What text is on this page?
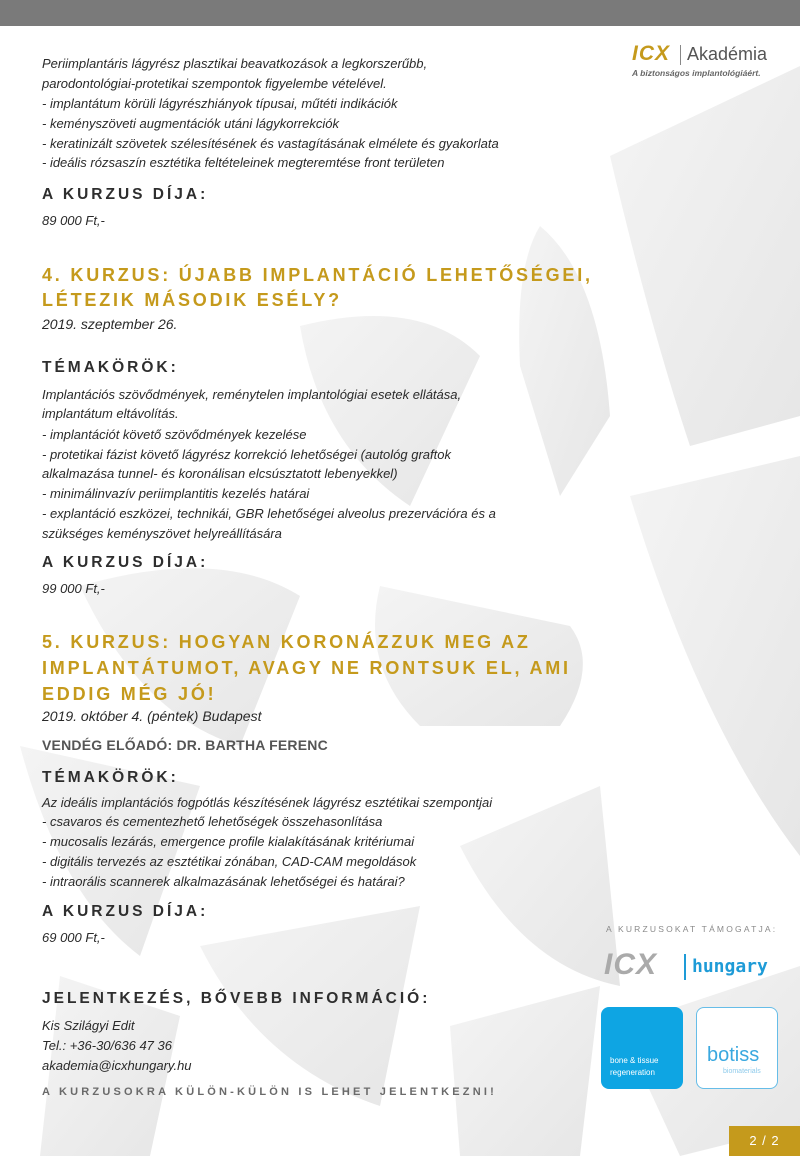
ICX Akadémia
A biztonságos implantológiáért.
Periimplantáris lágyrész plasztikai beavatkozások a legkorszerűbb,
parodontológiai-protetikai szempontok figyelembe vételével.
- implantátum körüli lágyrészhiányok típusai, műtéti indikációk
- keményszöveti augmentációk utáni lágykorrekciók
- keratinizált szövetek szélesítésének és vastagításának elmélete és gyakorlata
- ideális rózsaszín esztétika feltételeinek megteremtése front területen
A KURZUS DÍJA:
89 000 Ft,-
4. KURZUS: ÚJABB IMPLANTÁCIÓ LEHETŐSÉGEI,
LÉTEZIK MÁSODIK ESÉLY?
2019. szeptember 26.
TÉMAKÖRÖK:
Implantációs szövődmények, reménytelen implantológiai esetek ellátása,
implantátum eltávolítás.
- implantációt követő szövődmények kezelése
- protetikai fázist követő lágyrész korrekció lehetőségei (autológ graftok
alkalmazása tunnel- és koronálisan elcsúsztatott lebenyekkel)
- minimálinvazív periimplantitis kezelés határai
- explantáció eszközei, technikái, GBR lehetőségei alveolus prezervációra és a
szükséges keményszövet helyreállítására
A KURZUS DÍJA:
99 000 Ft,-
5. KURZUS: HOGYAN KORONÁZZUK MEG AZ
IMPLANTÁTUMOT, AVAGY NE RONTSUK EL, AMI
EDDIG MÉG JÓ!
2019. október 4. (péntek) Budapest
VENDÉG ELŐADÓ: DR. BARTHA FERENC
TÉMAKÖRÖK:
Az ideális implantációs fogpótlás készítésének lágyrész esztétikai szempontjai
- csavaros és cementezhető lehetőségek összehasonlítása
- mucosalis lezárás, emergence profile kialakításának kritériumai
- digitális tervezés az esztétikai zónában, CAD-CAM megoldások
- intraorális scannerek alkalmazásának lehetőségei és határai?
A KURZUS DÍJA:
69 000 Ft,-
JELENTKEZÉS, BŐVEBB INFORMÁCIÓ:
Kis Szilágyi Edit
Tel.: +36-30/636 47 36
akademia@icxhungary.hu
A KURZUSOKRA KÜLÖN-KÜLÖN IS LEHET JELENTKEZNI!
A KURZUSOKAT TÁMOGATJA:
ICX hungary
bone & tissue
regeneration
botiss
biomaterials
2 / 2
